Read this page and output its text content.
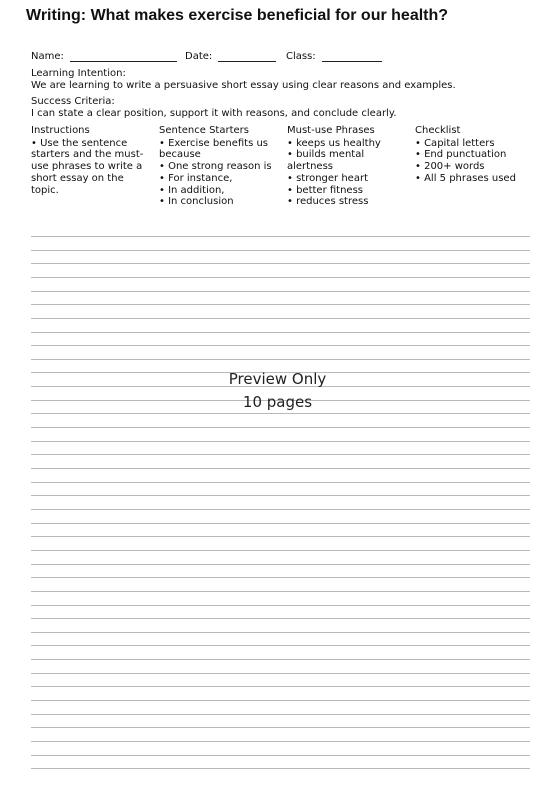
Writing: What makes exercise beneficial for our health?
Name:	Date:	Class:
Learning Intention:
We are learning to write a persuasive short essay using clear reasons and examples.
Success Criteria:
I can state a clear position, support it with reasons, and conclude clearly.
Instructions
• Use the sentence starters and the must-use phrases to write a short essay on the topic.
Sentence Starters
• Exercise benefits us because
• One strong reason is
• For instance,
• In addition,
• In conclusion
Must-use Phrases
• keeps us healthy
• builds mental alertness
• stronger heart
• better fitness
• reduces stress
Checklist
• Capital letters
• End punctuation
• 200+ words
• All 5 phrases used
Preview Only
10 pages
